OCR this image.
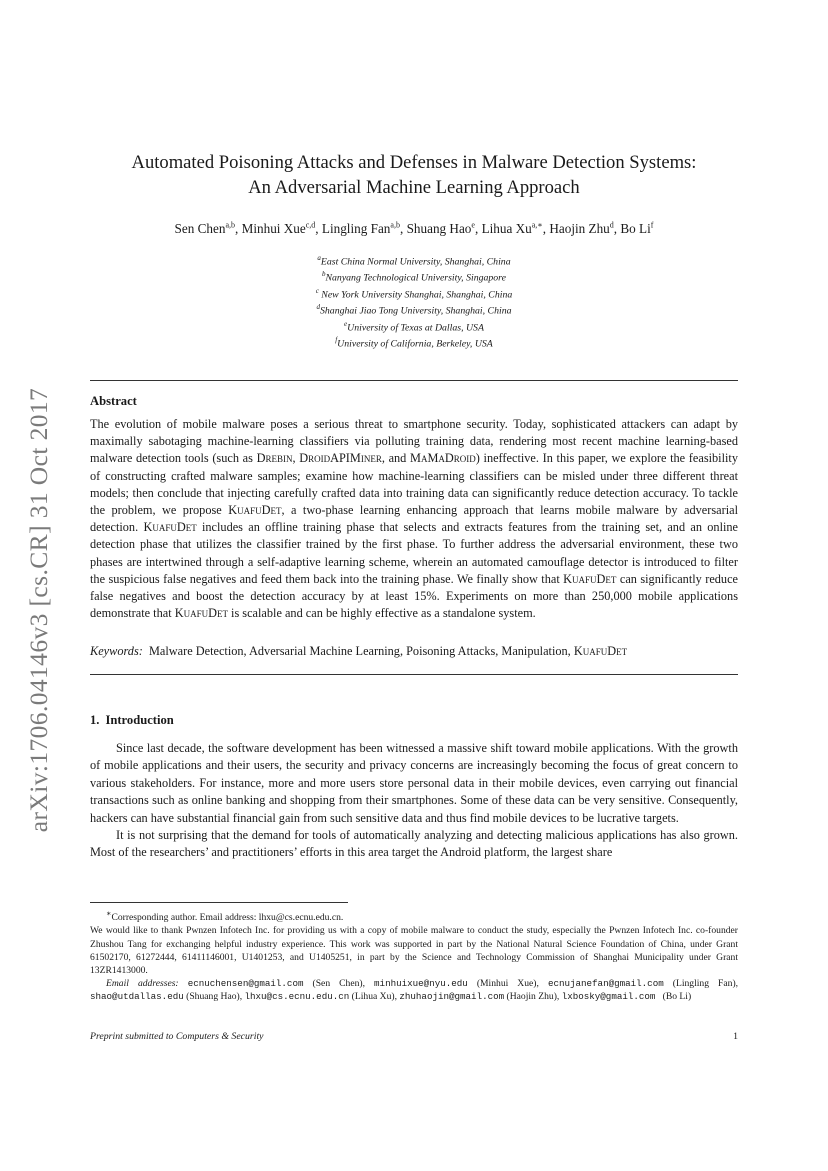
arXiv:1706.04146v3 [cs.CR] 31 Oct 2017
Automated Poisoning Attacks and Defenses in Malware Detection Systems:
An Adversarial Machine Learning Approach
Sen Chen$^{a,b}$, Minhui Xue$^{c,d}$, Lingling Fan$^{a,b}$, Shuang Hao$^e$, Lihua $Xu^{a,∗}$, Haojin Zhu$^d$, Bo Li$^f$
$^a$East China Normal University, Shanghai, China
$^b$Nanyang Technological University, Singapore
$^c$ New York University Shanghai, Shanghai, China
$^d$Shanghai Jiao Tong University, Shanghai, China
$^e$University of Texas at Dallas, USA
$^f$University of California, Berkeley, USA
Abstract
The evolution of mobile malware poses a serious threat to smartphone security. Today, sophisticated attackers can adapt by maximally sabotaging machine-learning classifiers via polluting training data, rendering most recent machine learning-based malware detection tools (such as Drebin, DroidAPIMiner, and MaMaDroid) ineffective. In this paper, we explore the feasibility of constructing crafted malware samples; examine how machine-learning classifiers can be misled under three different threat models; then conclude that injecting carefully crafted data into training data can significantly reduce detection accuracy. To tackle the problem, we propose KuafuDet, a two-phase learning enhancing approach that learns mobile malware by adversarial detection. KuafuDet includes an offline training phase that selects and extracts features from the training set, and an online detection phase that utilizes the classifier trained by the first phase. To further address the adversarial environment, these two phases are intertwined through a self-adaptive learning scheme, wherein an automated camouflage detector is introduced to filter the suspicious false negatives and feed them back into the training phase. We finally show that KuafuDet can significantly reduce false negatives and boost the detection accuracy by at least 15%. Experiments on more than 250,000 mobile applications demonstrate that KuafuDet is scalable and can be highly effective as a standalone system.
Keywords: Malware Detection, Adversarial Machine Learning, Poisoning Attacks, Manipulation, KuafuDet
1. Introduction

Since last decade, the software development has been witnessed a massive shift toward mobile applications. With the growth of mobile applications and their users, the security and privacy concerns are increasingly becoming the focus of great concern to various stakeholders. For instance, more and more users store personal data in their mobile devices, even carrying out financial transactions such as online banking and shopping from their smartphones. Some of these data can be very sensitive. Consequently, hackers can have substantial financial gain from such sensitive data and thus find mobile devices to be lucrative targets.

It is not surprising that the demand for tools of automatically analyzing and detecting malicious applications has also grown. Most of the researchers’ and practitioners’ efforts in this area target the Android platform, the largest share

∗Corresponding author. Email address: lhxu@cs.ecnu.edu.cn.

We would like to thank Pwnzen Infotech Inc. for providing us with a copy of mobile malware to conduct the study, especially the Pwnzen Infotech Inc. co-founder Zhushou Tang for exchanging helpful industry experience. This work was supported in part by the National Natural Science Foundation of China, under Grant 61502170, 61272444, 61411146001, U1401253, and U1405251, in part by the Science and Technology Commission of Shanghai Municipality under Grant 13ZR1413000.

Email addresses: ecnuchensen@gmail.com (Sen Chen), minhuixue@nyu.edu (Minhui Xue), ecnujanefan@gmail.com (Lingling Fan), shao@utdallas.edu (Shuang Hao), lhxu@cs.ecnu.edu.cn (Lihua Xu), zhuhaojin@gmail.com (Haojin Zhu), lxbosky@gmail.com (Bo Li)

Preprint submitted to Computers & Security	1
